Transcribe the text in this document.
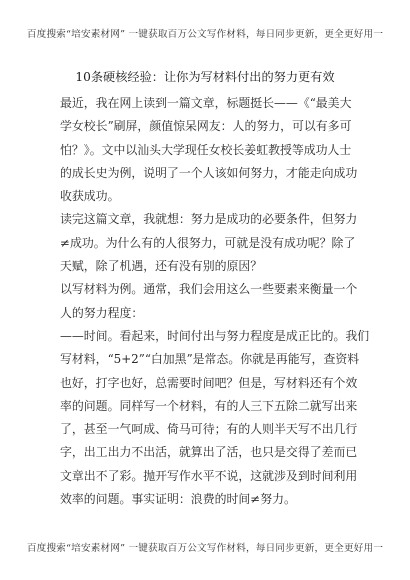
百度搜索“培安素材网” 一键获取百万公文写作材料，每日同步更新，更全更好用一
10条硬核经验：让你为写材料付出的努力更有效
最近，我在网上读到一篇文章，标题挺长——《“最美大
学女校长”刷屏，颜值惊呆网友：人的努力，可以有多可
怕？》。文中以汕头大学现任女校长姜虹教授等成功人士
的成长史为例，说明了一个人该如何努力，才能走向成功
收获成功。
读完这篇文章，我就想：努力是成功的必要条件，但努力
≠成功。为什么有的人很努力，可就是没有成功呢？除了
天赋，除了机遇，还有没有别的原因？
以写材料为例。通常，我们会用这么一些要素来衡量一个
人的努力程度：
——时间。看起来，时间付出与努力程度是成正比的。我们
写材料，“5+2”“白加黑”是常态。你就是再能写，查资料
也好，打字也好，总需要时间吧？但是，写材料还有个效
率的问题。同样写一个材料，有的人三下五除二就写出来
了，甚至一气呵成、倚马可待；有的人则半天写不出几行
字，出工出力不出活，就算出了活，也只是交得了差而已
文章出不了彩。抛开写作水平不说，这就涉及到时间利用
效率的问题。事实证明：浪费的时间≠努力。
百度搜索“培安素材网” 一键获取百万公文写作材料，每日同步更新，更全更好用一
